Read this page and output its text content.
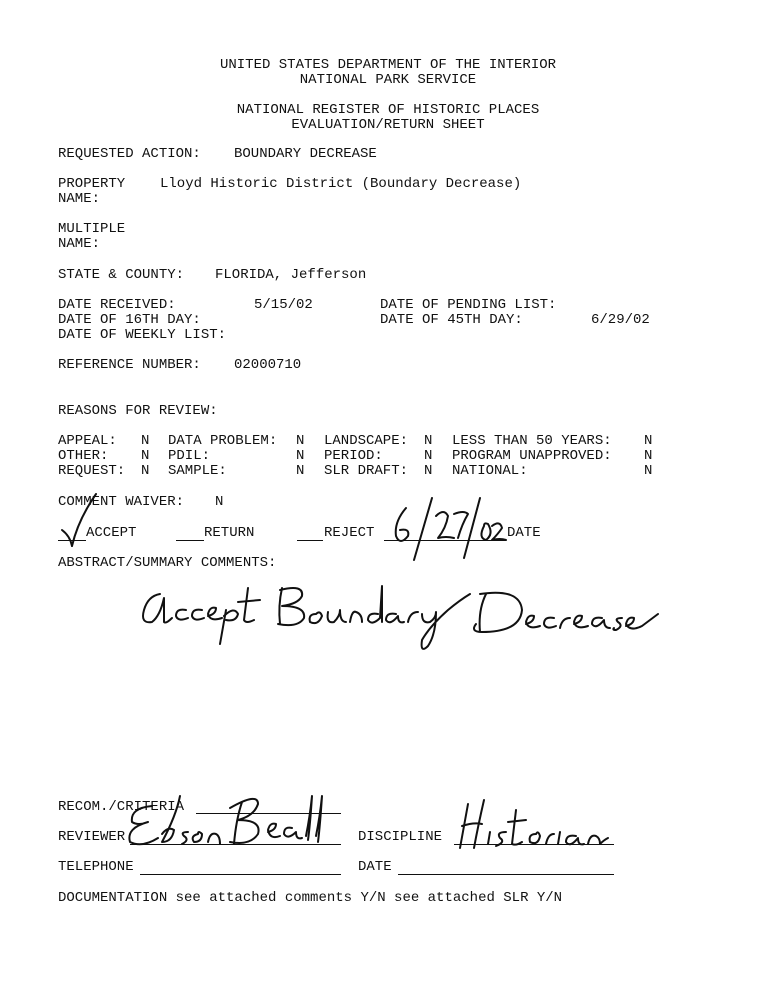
UNITED STATES DEPARTMENT OF THE INTERIOR
NATIONAL PARK SERVICE
NATIONAL REGISTER OF HISTORIC PLACES
EVALUATION/RETURN SHEET
REQUESTED ACTION: BOUNDARY DECREASE
PROPERTY
NAME:
Lloyd Historic District (Boundary Decrease)
MULTIPLE
NAME:
STATE & COUNTY: FLORIDA, Jefferson
DATE RECEIVED:	5/15/02	DATE OF PENDING LIST:
DATE OF 16TH DAY:	DATE OF 45TH DAY:	6/29/02
DATE OF WEEKLY LIST:
REFERENCE NUMBER: 02000710
REASONS FOR REVIEW:
APPEAL: N DATA PROBLEM: N LANDSCAPE: N LESS THAN 50 YEARS: N
OTHER: N PDIL:	N PERIOD:	N PROGRAM UNAPPROVED: N
REQUEST: N SAMPLE:	N SLR DRAFT: N NATIONAL:	N
COMMENT WAIVER: N
ACCEPT	RETURN	REJECT	DATE
ABSTRACT/SUMMARY COMMENTS:
RECOM./CRITERIA
REVIEWER	DISCIPLINE
TELEPHONE	DATE
DOCUMENTATION see attached comments Y/N see attached SLR Y/N
